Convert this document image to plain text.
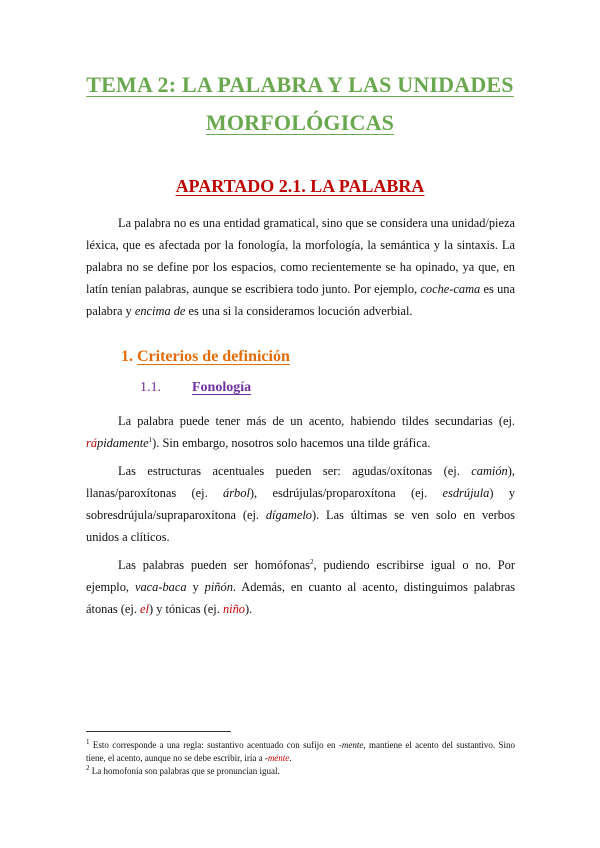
TEMA 2: LA PALABRA Y LAS UNIDADES
MORFOLÓGICAS
APARTADO 2.1. LA PALABRA

La palabra no es una entidad gramatical, sino que se considera una unidad/pieza léxica, que es afectada por la fonología, la morfología, la semántica y la sintaxis. La palabra no se define por los espacios, como recientemente se ha opinado, ya que, en latín tenían palabras, aunque se escribiera todo junto. Por ejemplo, coche-cama es una palabra y encima de es una si la consideramos locución adverbial.

1. Criterios de definición
1.1. Fonología

La palabra puede tener más de un acento, habiendo tildes secundarias (ej. rápidamente$^1$). Sin embargo, nosotros solo hacemos una tilde gráfica.

Las estructuras acentuales pueden ser: agudas/oxítonas (ej. camión), llanas/paroxítonas (ej. árbol), esdrújulas/proparoxítona (ej. esdrújula) y sobresdrújula/supraparoxítona (ej. dígamelo). Las últimas se ven solo en verbos unidos a clíticos.

Las palabras pueden ser homófonas$^2$, pudiendo escribirse igual o no. Por ejemplo, vaca-baca y piñón. Además, en cuanto al acento, distinguimos palabras átonas (ej. el) y tónicas (ej. niño).

$^1$ Esto corresponde a una regla: sustantivo acentuado con sufijo en -mente, mantiene el acento del sustantivo. Sino tiene, el acento, aunque no se debe escribir, iría a -ménte.

$^2$ La homofonía son palabras que se pronuncian igual.
